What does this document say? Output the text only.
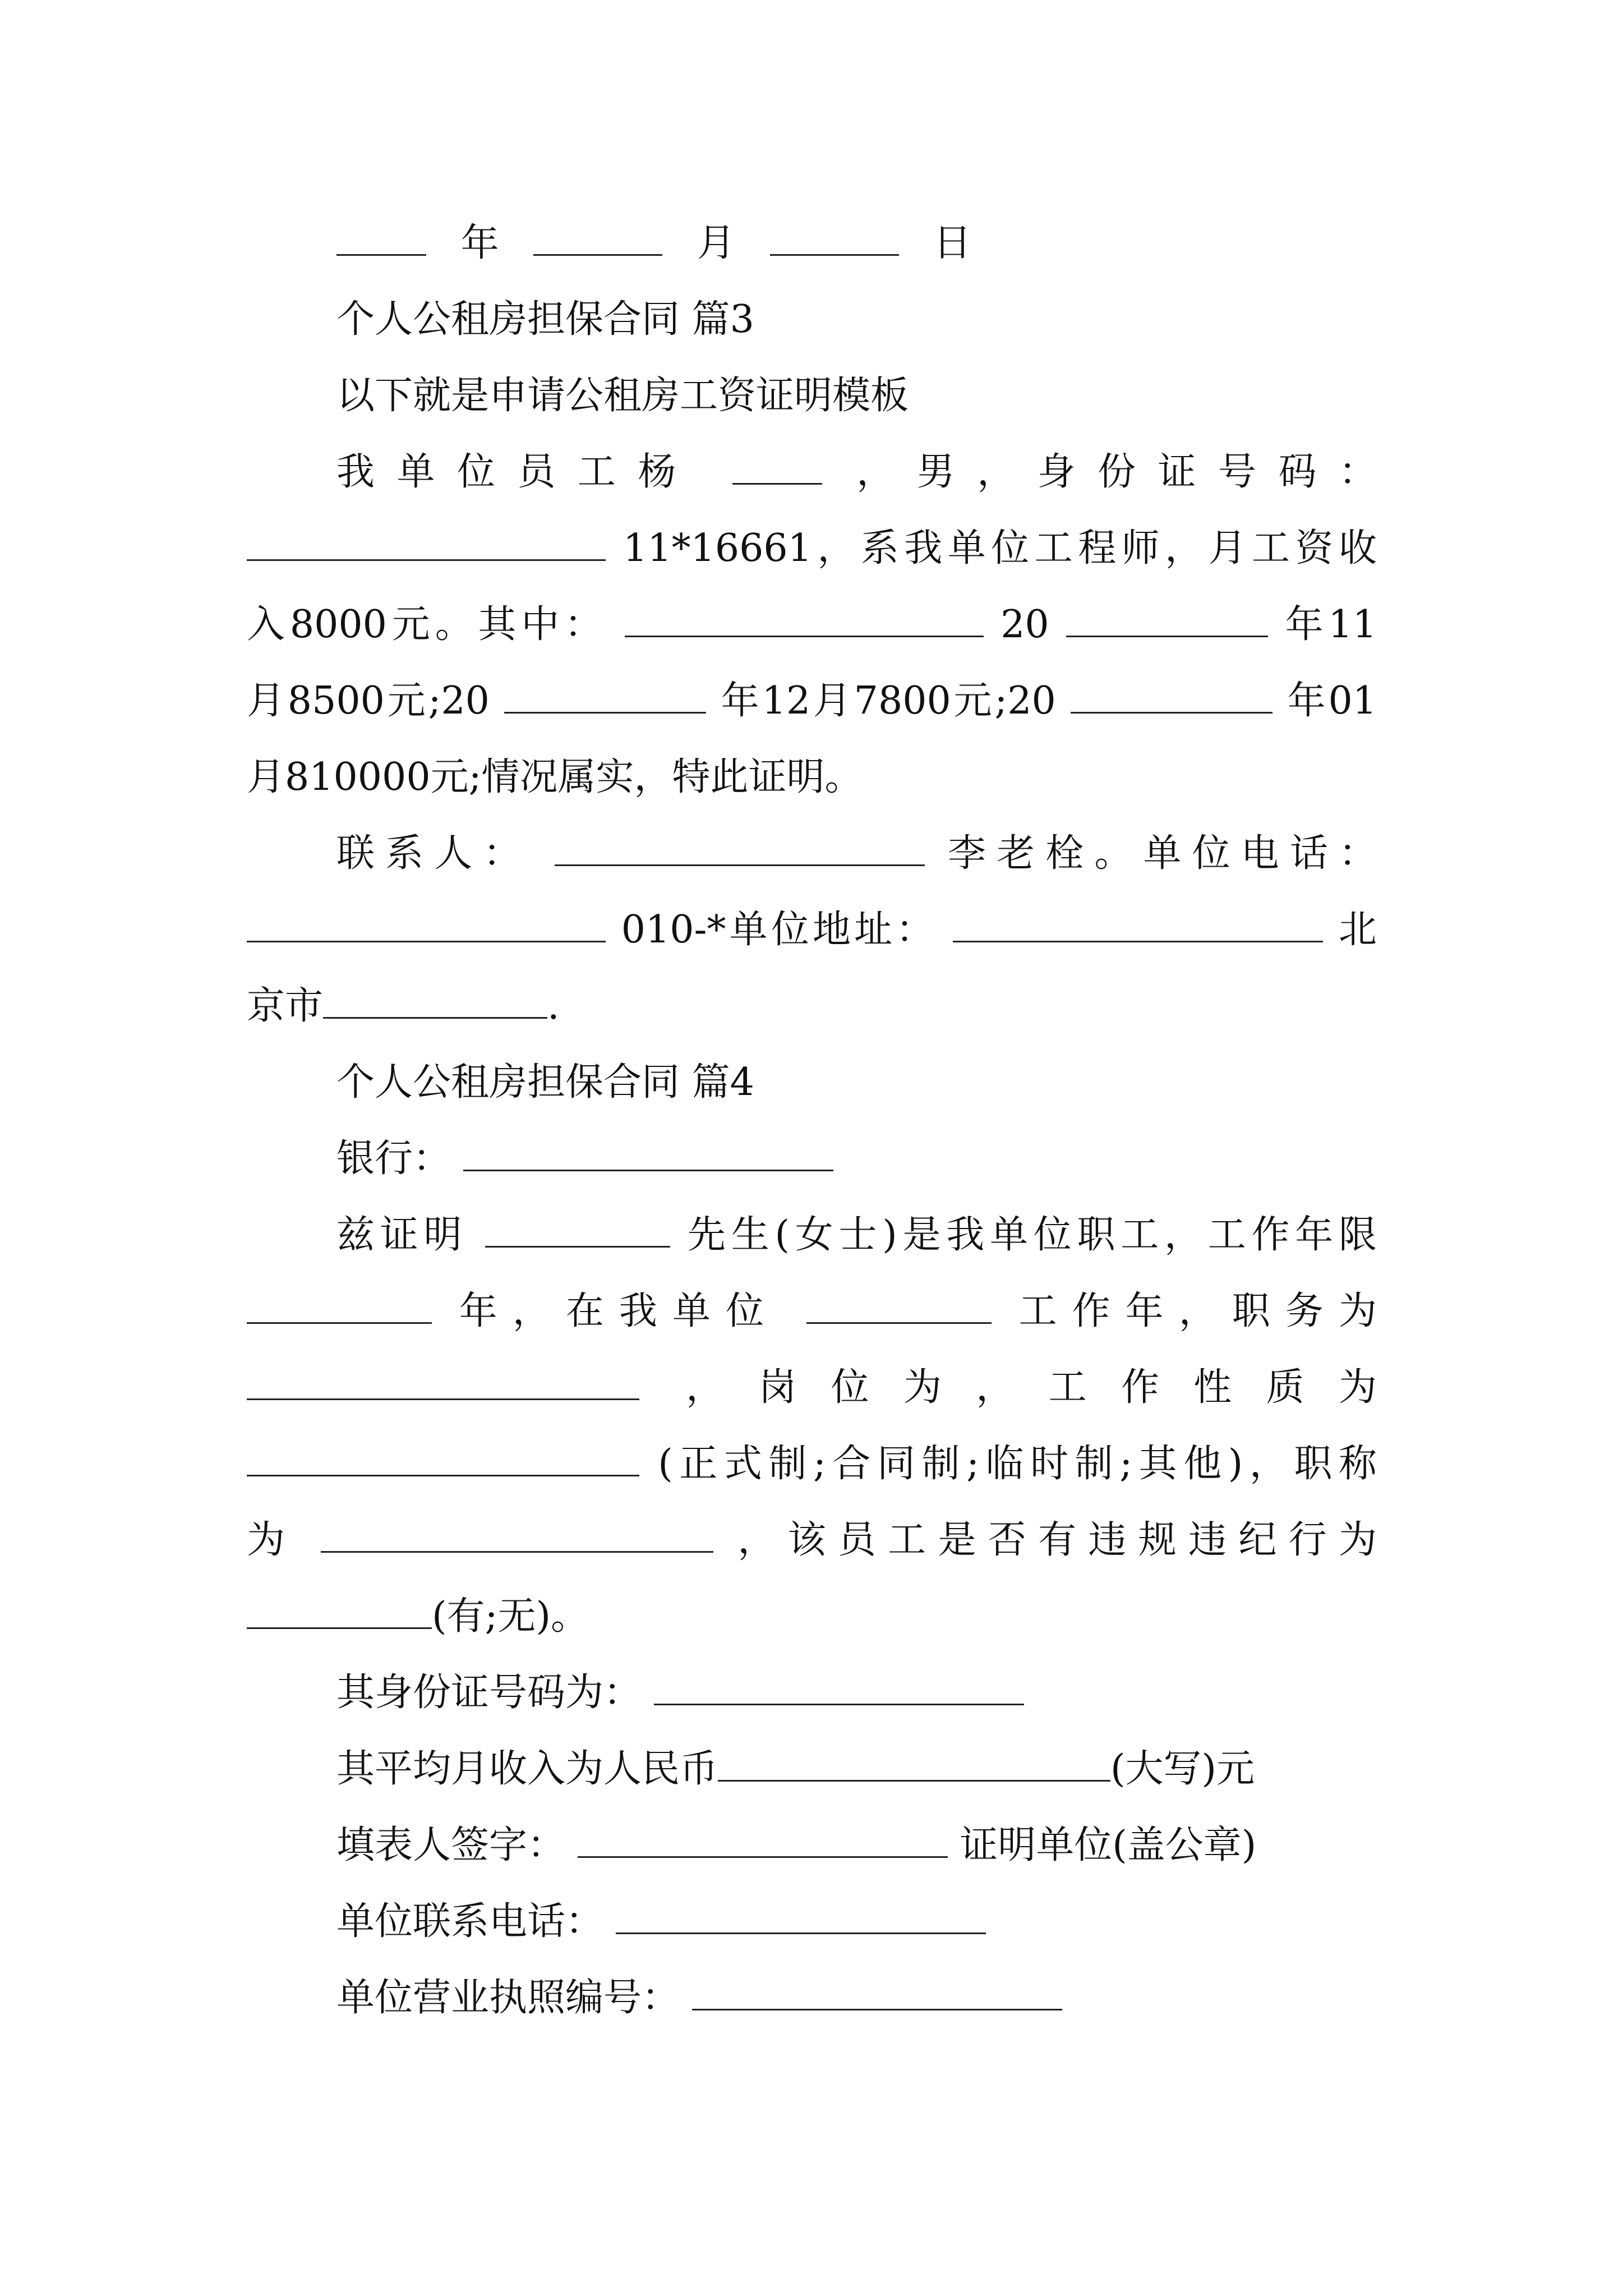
年	月	日
个人公租房担保合同 篇3
以下就是申请公租房工资证明模板
我单位员工杨	，男，身份证号码：
11*16661，系我单位工程师，月工资收
入8000元。其中：	20	年11
月8500元;20	年12月7800元;20	年01
月810000元;情况属实，特此证明。
联系人：	李老栓。单位电话：
010-*单位地址：	北
京市	.
个人公租房担保合同 篇4
银行：
兹证明	先生(女士)是我单位职工，工作年限
年，在我单位	工作年，职务为
，岗位为，工作性质为
(正式制;合同制;临时制;其他)，职称
为	，该员工是否有违规违纪行为
(有;无)。
其身份证号码为：
其平均月收入为人民币	(大写)元
填表人签字：	证明单位(盖公章)
单位联系电话：
单位营业执照编号：
